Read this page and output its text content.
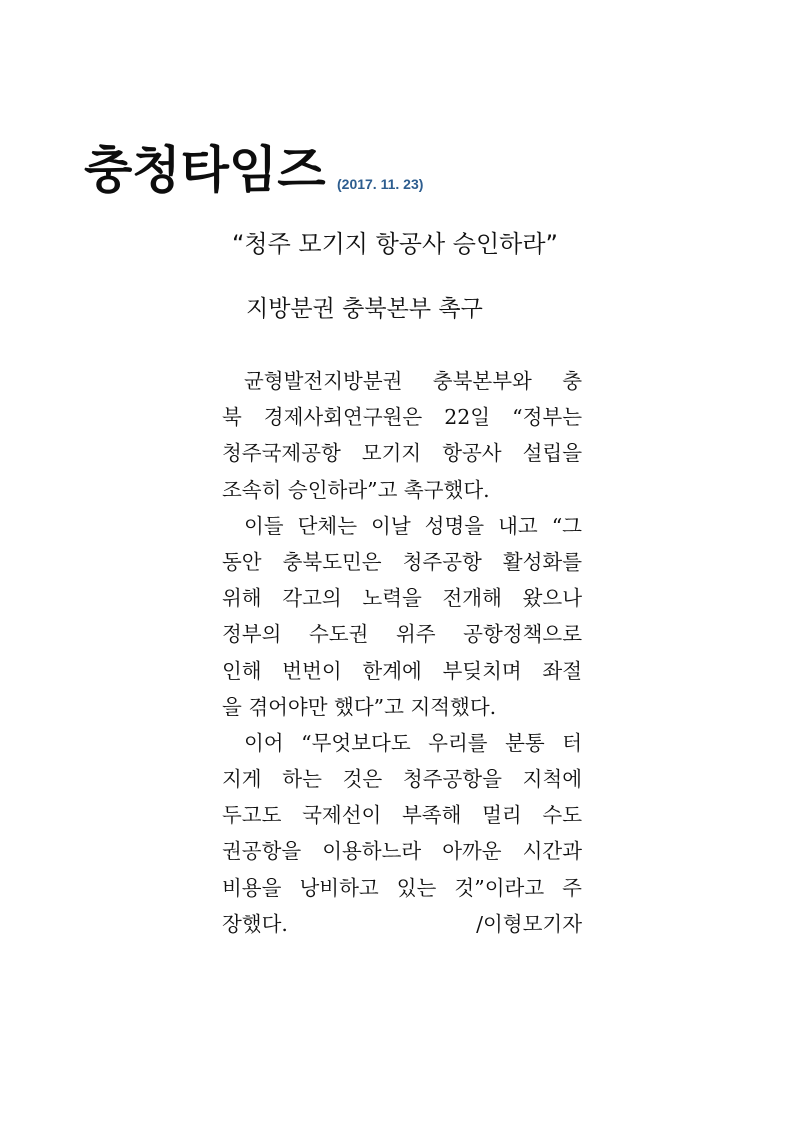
충청타임즈 (2017. 11. 23)
“청주 모기지 항공사 승인하라”
지방분권 충북본부 촉구
균형발전지방분권 충북본부와 충
북 경제사회연구원은 22일 “정부는
청주국제공항 모기지 항공사 설립을
조속히 승인하라”고 촉구했다.
이들 단체는 이날 성명을 내고 “그
동안 충북도민은 청주공항 활성화를
위해 각고의 노력을 전개해 왔으나
정부의 수도권 위주 공항정책으로
인해 번번이 한계에 부딪치며 좌절
을 겪어야만 했다”고 지적했다.
이어 “무엇보다도 우리를 분통 터
지게 하는 것은 청주공항을 지척에
두고도 국제선이 부족해 멀리 수도
권공항을 이용하느라 아까운 시간과
비용을 낭비하고 있는 것”이라고 주
장했다.	/이형모기자
